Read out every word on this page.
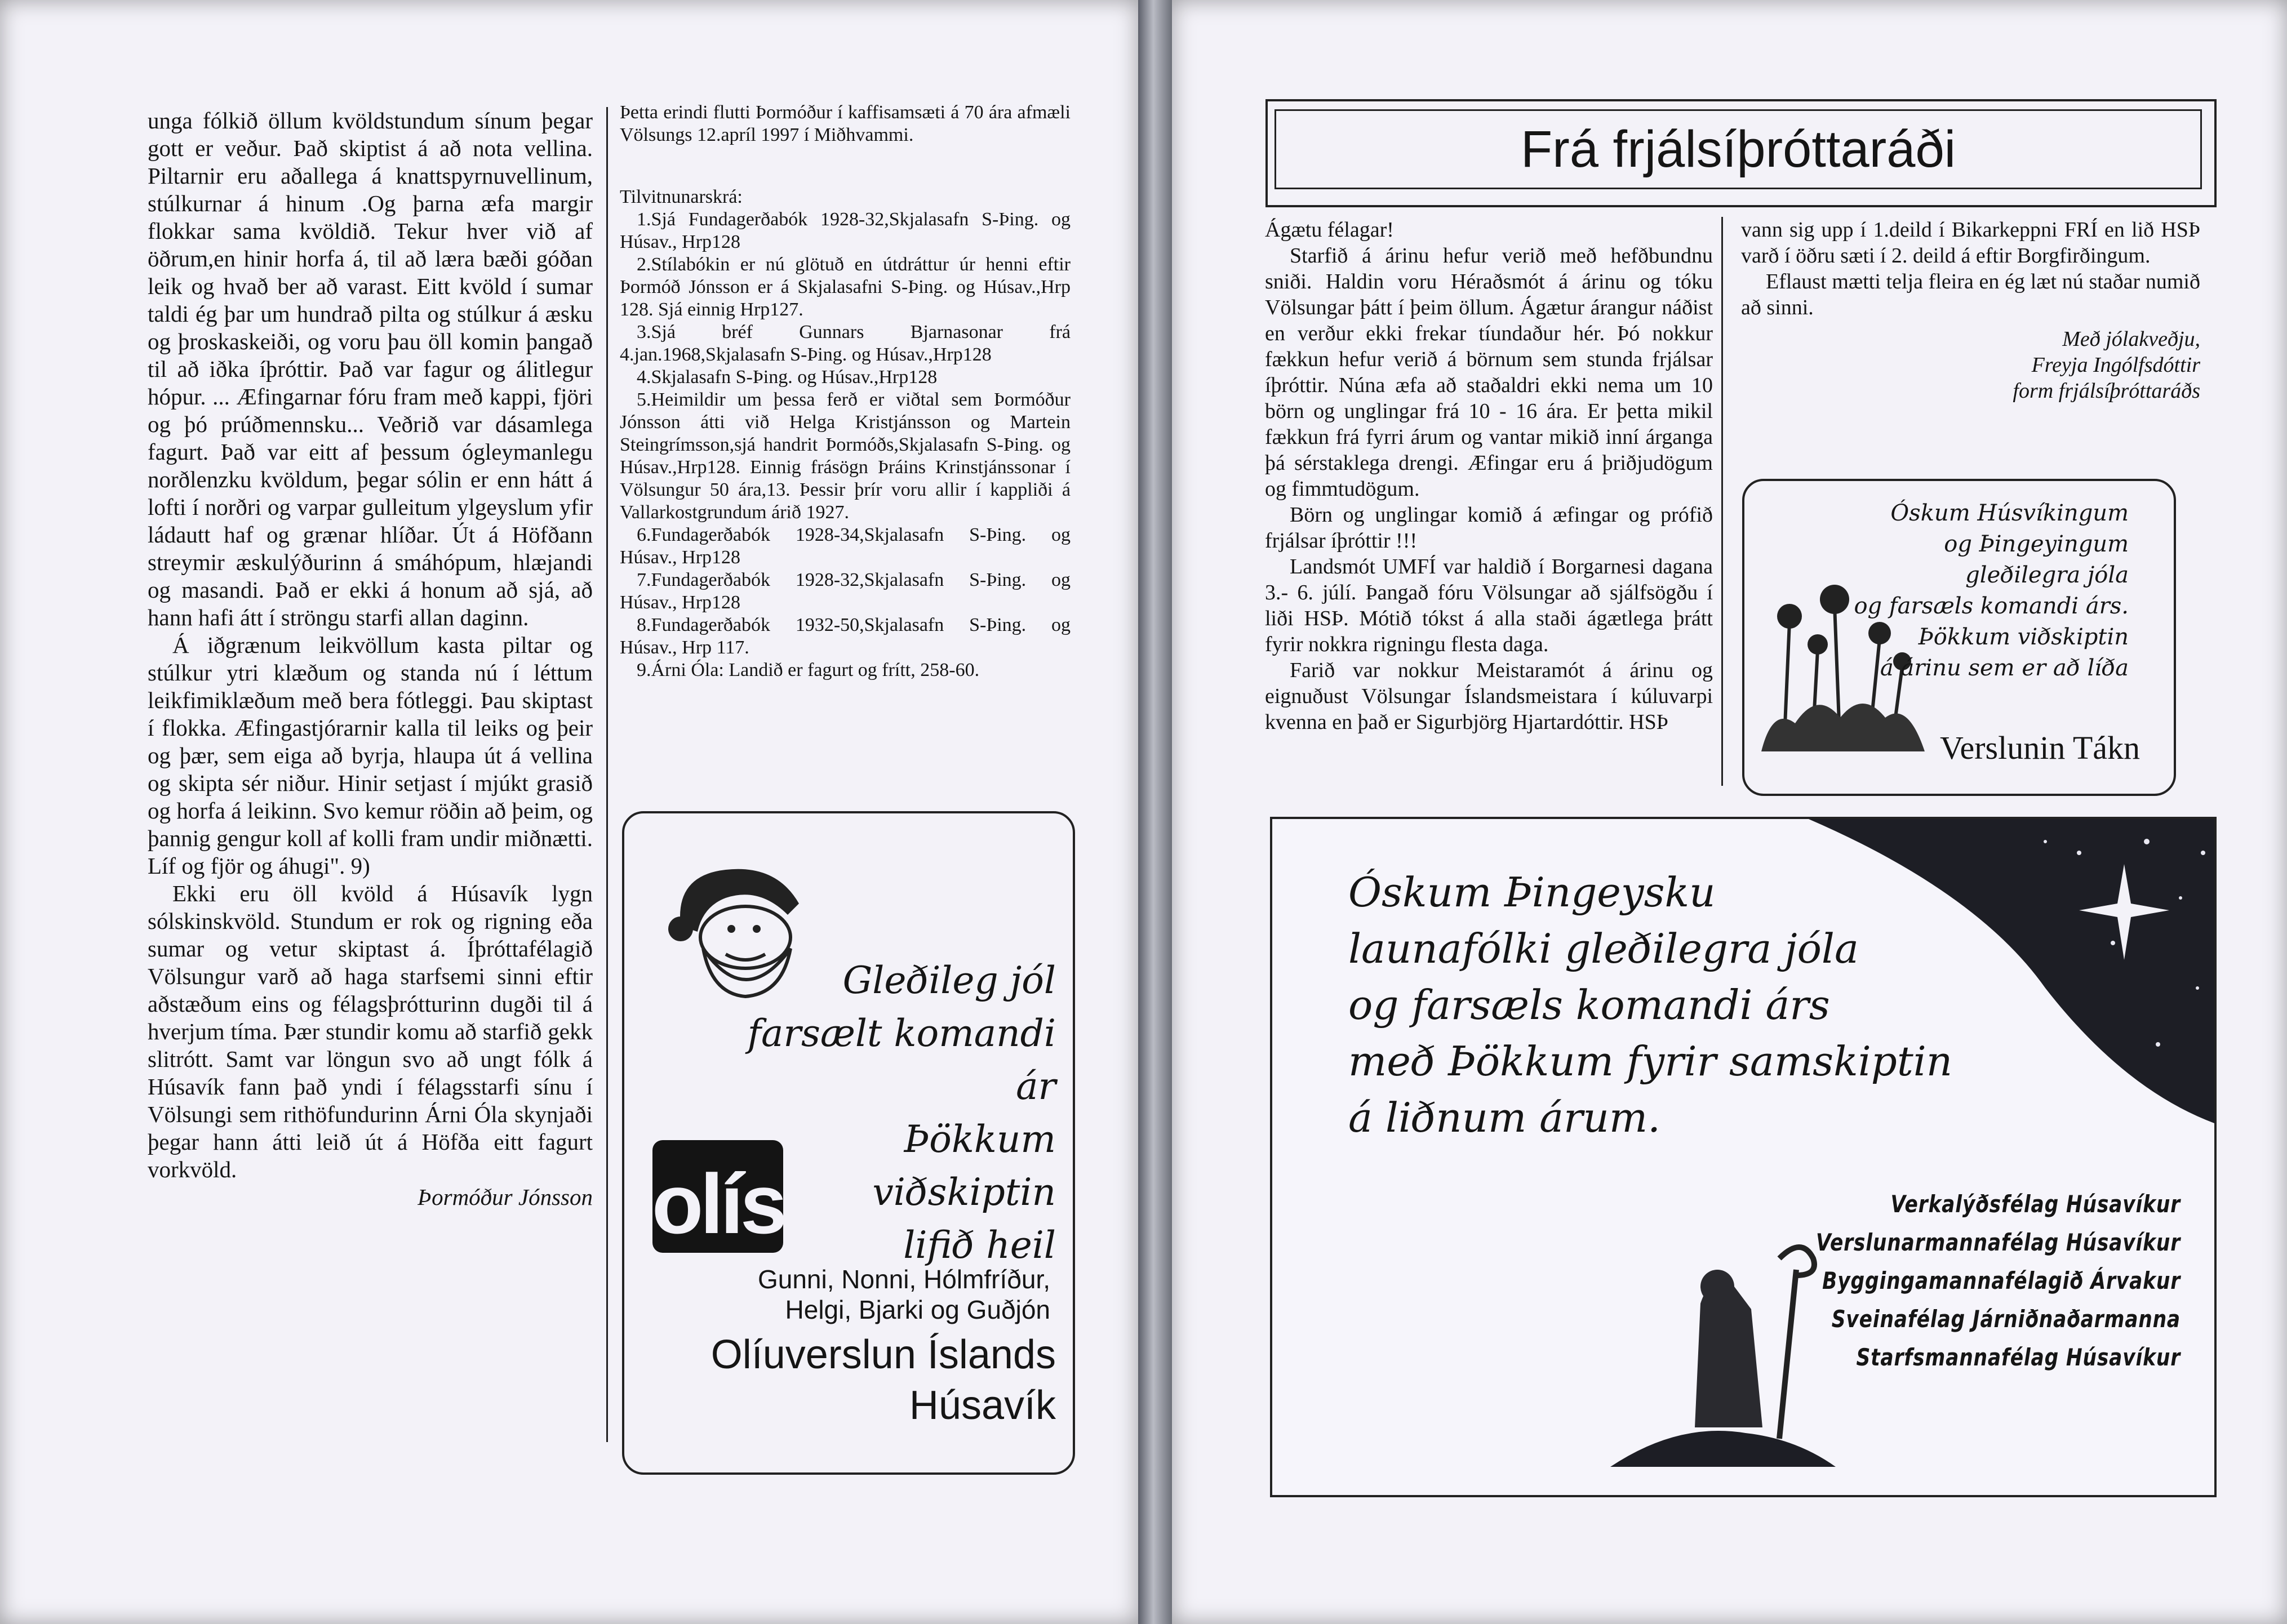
unga fólkið öllum kvöldstundum sínum þegar gott er veður. Það skiptist á að nota vellina. Piltarnir eru aðallega á knattspyrnuvellinum, stúlkurnar á hinum .Og þarna æfa margir flokkar sama kvöldið. Tekur hver við af öðrum,en hinir horfa á, til að læra bæði góðan leik og hvað ber að varast. Eitt kvöld í sumar taldi ég þar um hundrað pilta og stúlkur á æsku og þroskaskeiði, og voru þau öll komin þangað til að iðka íþróttir. Það var fagur og álitlegur hópur. ... Æfingarnar fóru fram með kappi, fjöri og þó prúðmennsku... Veðrið var dásamlega fagurt. Það var eitt af þessum ógleymanlegu norðlenzku kvöldum, þegar sólin er enn hátt á lofti í norðri og varpar gulleitum ylgeyslum yfir ládautt haf og grænar hlíðar. Út á Höfðann streymir æskulýðurinn á smáhópum, hlæjandi og masandi. Það er ekki á honum að sjá, að hann hafi átt í ströngu starfi allan daginn.

Á iðgrænum leikvöllum kasta piltar og stúlkur ytri klæðum og standa nú í léttum leikfimiklæðum með bera fótleggi. Þau skiptast í flokka. Æfingastjórarnir kalla til leiks og þeir og þær, sem eiga að byrja, hlaupa út á vellina og skipta sér niður. Hinir setjast í mjúkt grasið og horfa á leikinn. Svo kemur röðin að þeim, og þannig gengur koll af kolli fram undir miðnætti. Líf og fjör og áhugi". 9)

Ekki eru öll kvöld á Húsavík lygn sólskinskvöld. Stundum er rok og rigning eða sumar og vetur skiptast á. Íþróttafélagið Völsungur varð að haga starfsemi sinni eftir aðstæðum eins og félagsþrótturinn dugði til á hverjum tíma. Þær stundir komu að starfið gekk slitrótt. Samt var löngun svo að ungt fólk á Húsavík fann það yndi í félagsstarfi sínu í Völsungi sem rithöfundurinn Árni Óla skynjaði þegar hann átti leið út á Höfða eitt fagurt vorkvöld.

Þormóður Jónsson

Þetta erindi flutti Þormóður í kaffisamsæti á 70 ára afmæli Völsungs 12.apríl 1997 í Miðhvammi.

Tilvitnunarskrá:

1.Sjá Fundagerðabók 1928-32,Skjalasafn S-Þing. og Húsav., Hrp128

2.Stílabókin er nú glötuð en útdráttur úr henni eftir Þormóð Jónsson er á Skjalasafni S-Þing. og Húsav.,Hrp 128. Sjá einnig Hrp127.

3.Sjá bréf Gunnars Bjarnasonar frá 4.jan.1968,Skjalasafn S-Þing. og Húsav.,Hrp128

4.Skjalasafn S-Þing. og Húsav.,Hrp128

5.Heimildir um þessa ferð er viðtal sem Þormóður Jónsson átti við Helga Kristjánsson og Martein Steingrímsson,sjá handrit Þormóðs,Skjalasafn S-Þing. og Húsav.,Hrp128. Einnig frásögn Þráins Krinstjánssonar í Völsungur 50 ára,13. Þessir þrír voru allir í kappliði á Vallarkostgrundum árið 1927.

6.Fundagerðabók 1928-34,Skjalasafn S-Þing. og Húsav., Hrp128

7.Fundagerðabók 1928-32,Skjalasafn S-Þing. og Húsav., Hrp128

8.Fundagerðabók 1932-50,Skjalasafn S-Þing. og Húsav., Hrp 117.

9.Árni Óla: Landið er fagurt og frítt, 258-60.

Gleðileg jól
farsælt komandi ár
Þökkum viðskiptin
lifið heil
olís
Gunni, Nonni, Hólmfríður,
Helgi, Bjarki og Guðjón
Olíuverslun Íslands
Húsavík
Frá frjálsíþróttaráði

Ágætu félagar!

Starfið á árinu hefur verið með hefðbundnu sniði. Haldin voru Héraðsmót á árinu og tóku Völsungar þátt í þeim öllum. Ágætur árangur náðist en verður ekki frekar tíundaður hér. Þó nokkur fækkun hefur verið á börnum sem stunda frjálsar íþróttir. Núna æfa að staðaldri ekki nema um 10 börn og unglingar frá 10 - 16 ára. Er þetta mikil fækkun frá fyrri árum og vantar mikið inní árganga þá sérstaklega drengi. Æfingar eru á þriðjudögum og fimmtudögum.

Börn og unglingar komið á æfingar og prófið frjálsar íþróttir !!!

Landsmót UMFÍ var haldið í Borgarnesi dagana 3.- 6. júlí. Þangað fóru Völsungar að sjálfsögðu í liði HSÞ. Mótið tókst á alla staði ágætlega þrátt fyrir nokkra rigningu flesta daga.

Farið var nokkur Meistaramót á árinu og eignuðust Völsungar Íslandsmeistara í kúluvarpi kvenna en það er Sigurbjörg Hjartardóttir. HSÞ

vann sig upp í 1.deild í Bikarkeppni FRÍ en lið HSÞ varð í öðru sæti í 2. deild á eftir Borgfirðingum.

Eflaust mætti telja fleira en ég læt nú staðar numið að sinni.

Með jólakveðju,
Freyja Ingólfsdóttir
form frjálsíþróttaráðs
Óskum Húsvíkingum
og Þingeyingum
gleðilegra jóla
og farsæls komandi árs.
Þökkum viðskiptin
á árinu sem er að líða
Verslunin Tákn
Óskum Þingeysku
launafólki gleðilegra jóla
og farsæls komandi árs
með Þökkum fyrir samskiptin
á liðnum árum.
Verkalýðsfélag Húsavíkur
Verslunarmannafélag Húsavíkur
Byggingamannafélagið Árvakur
Sveinafélag Járniðnaðarmanna
Starfsmannafélag Húsavíkur
